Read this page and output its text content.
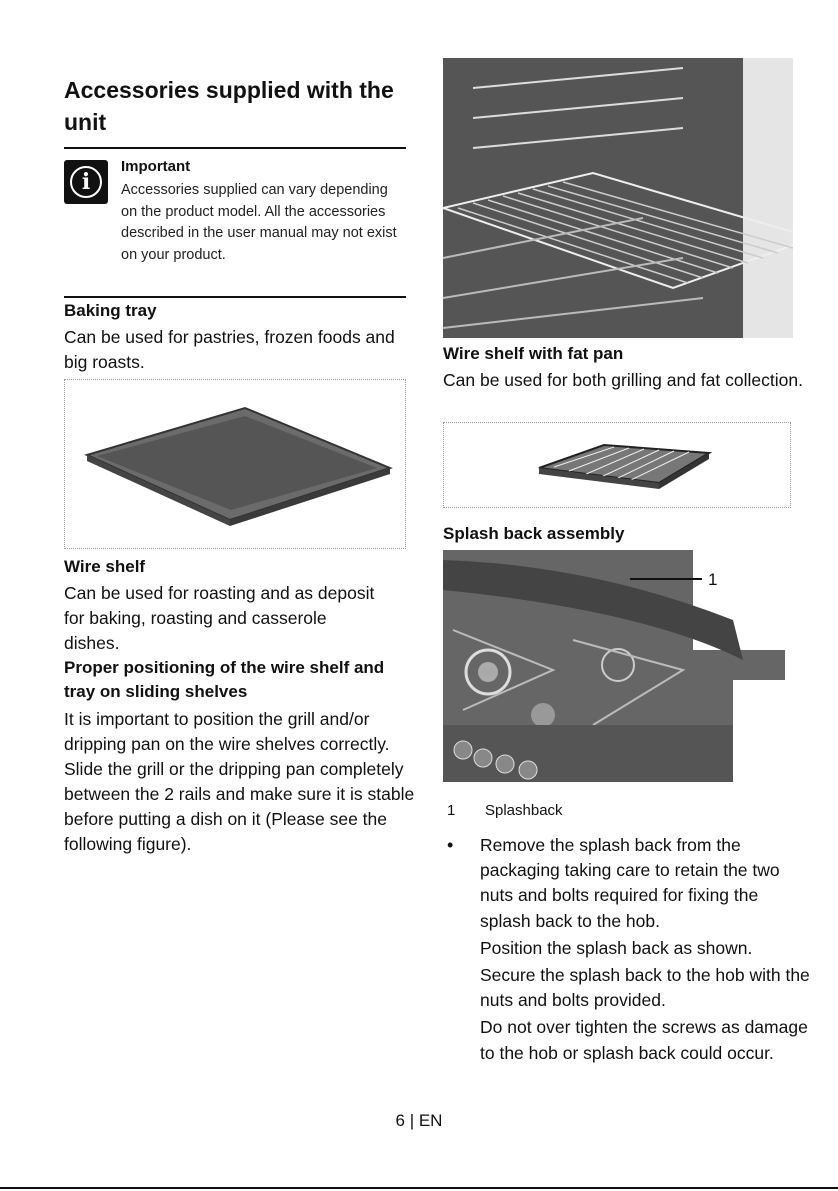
Accessories supplied with the unit
i
Important
Accessories supplied can vary depending on the product model. All the accessories described in the user manual may not exist on your product.
Baking tray
Can be used for pastries, frozen foods and big roasts.
Wire shelf
Can be used for roasting and as deposit for baking, roasting and casserole dishes.
Proper positioning of the wire shelf and tray on sliding shelves
It is important to position the grill and/or dripping pan on the wire shelves correctly. Slide the grill or the dripping pan completely between the 2 rails and make sure it is stable before putting a dish on it (Please see the following figure).
Wire shelf with fat pan
Can be used for both grilling and fat collection.
Splash back assembly
1
1 Splashback
• Remove the splash back from the packaging taking care to retain the two nuts and bolts required for fixing the splash back to the hob.

Position the splash back as shown.

Secure the splash back to the hob with the nuts and bolts provided.

Do not over tighten the screws as damage to the hob or splash back could occur.

6 | EN
